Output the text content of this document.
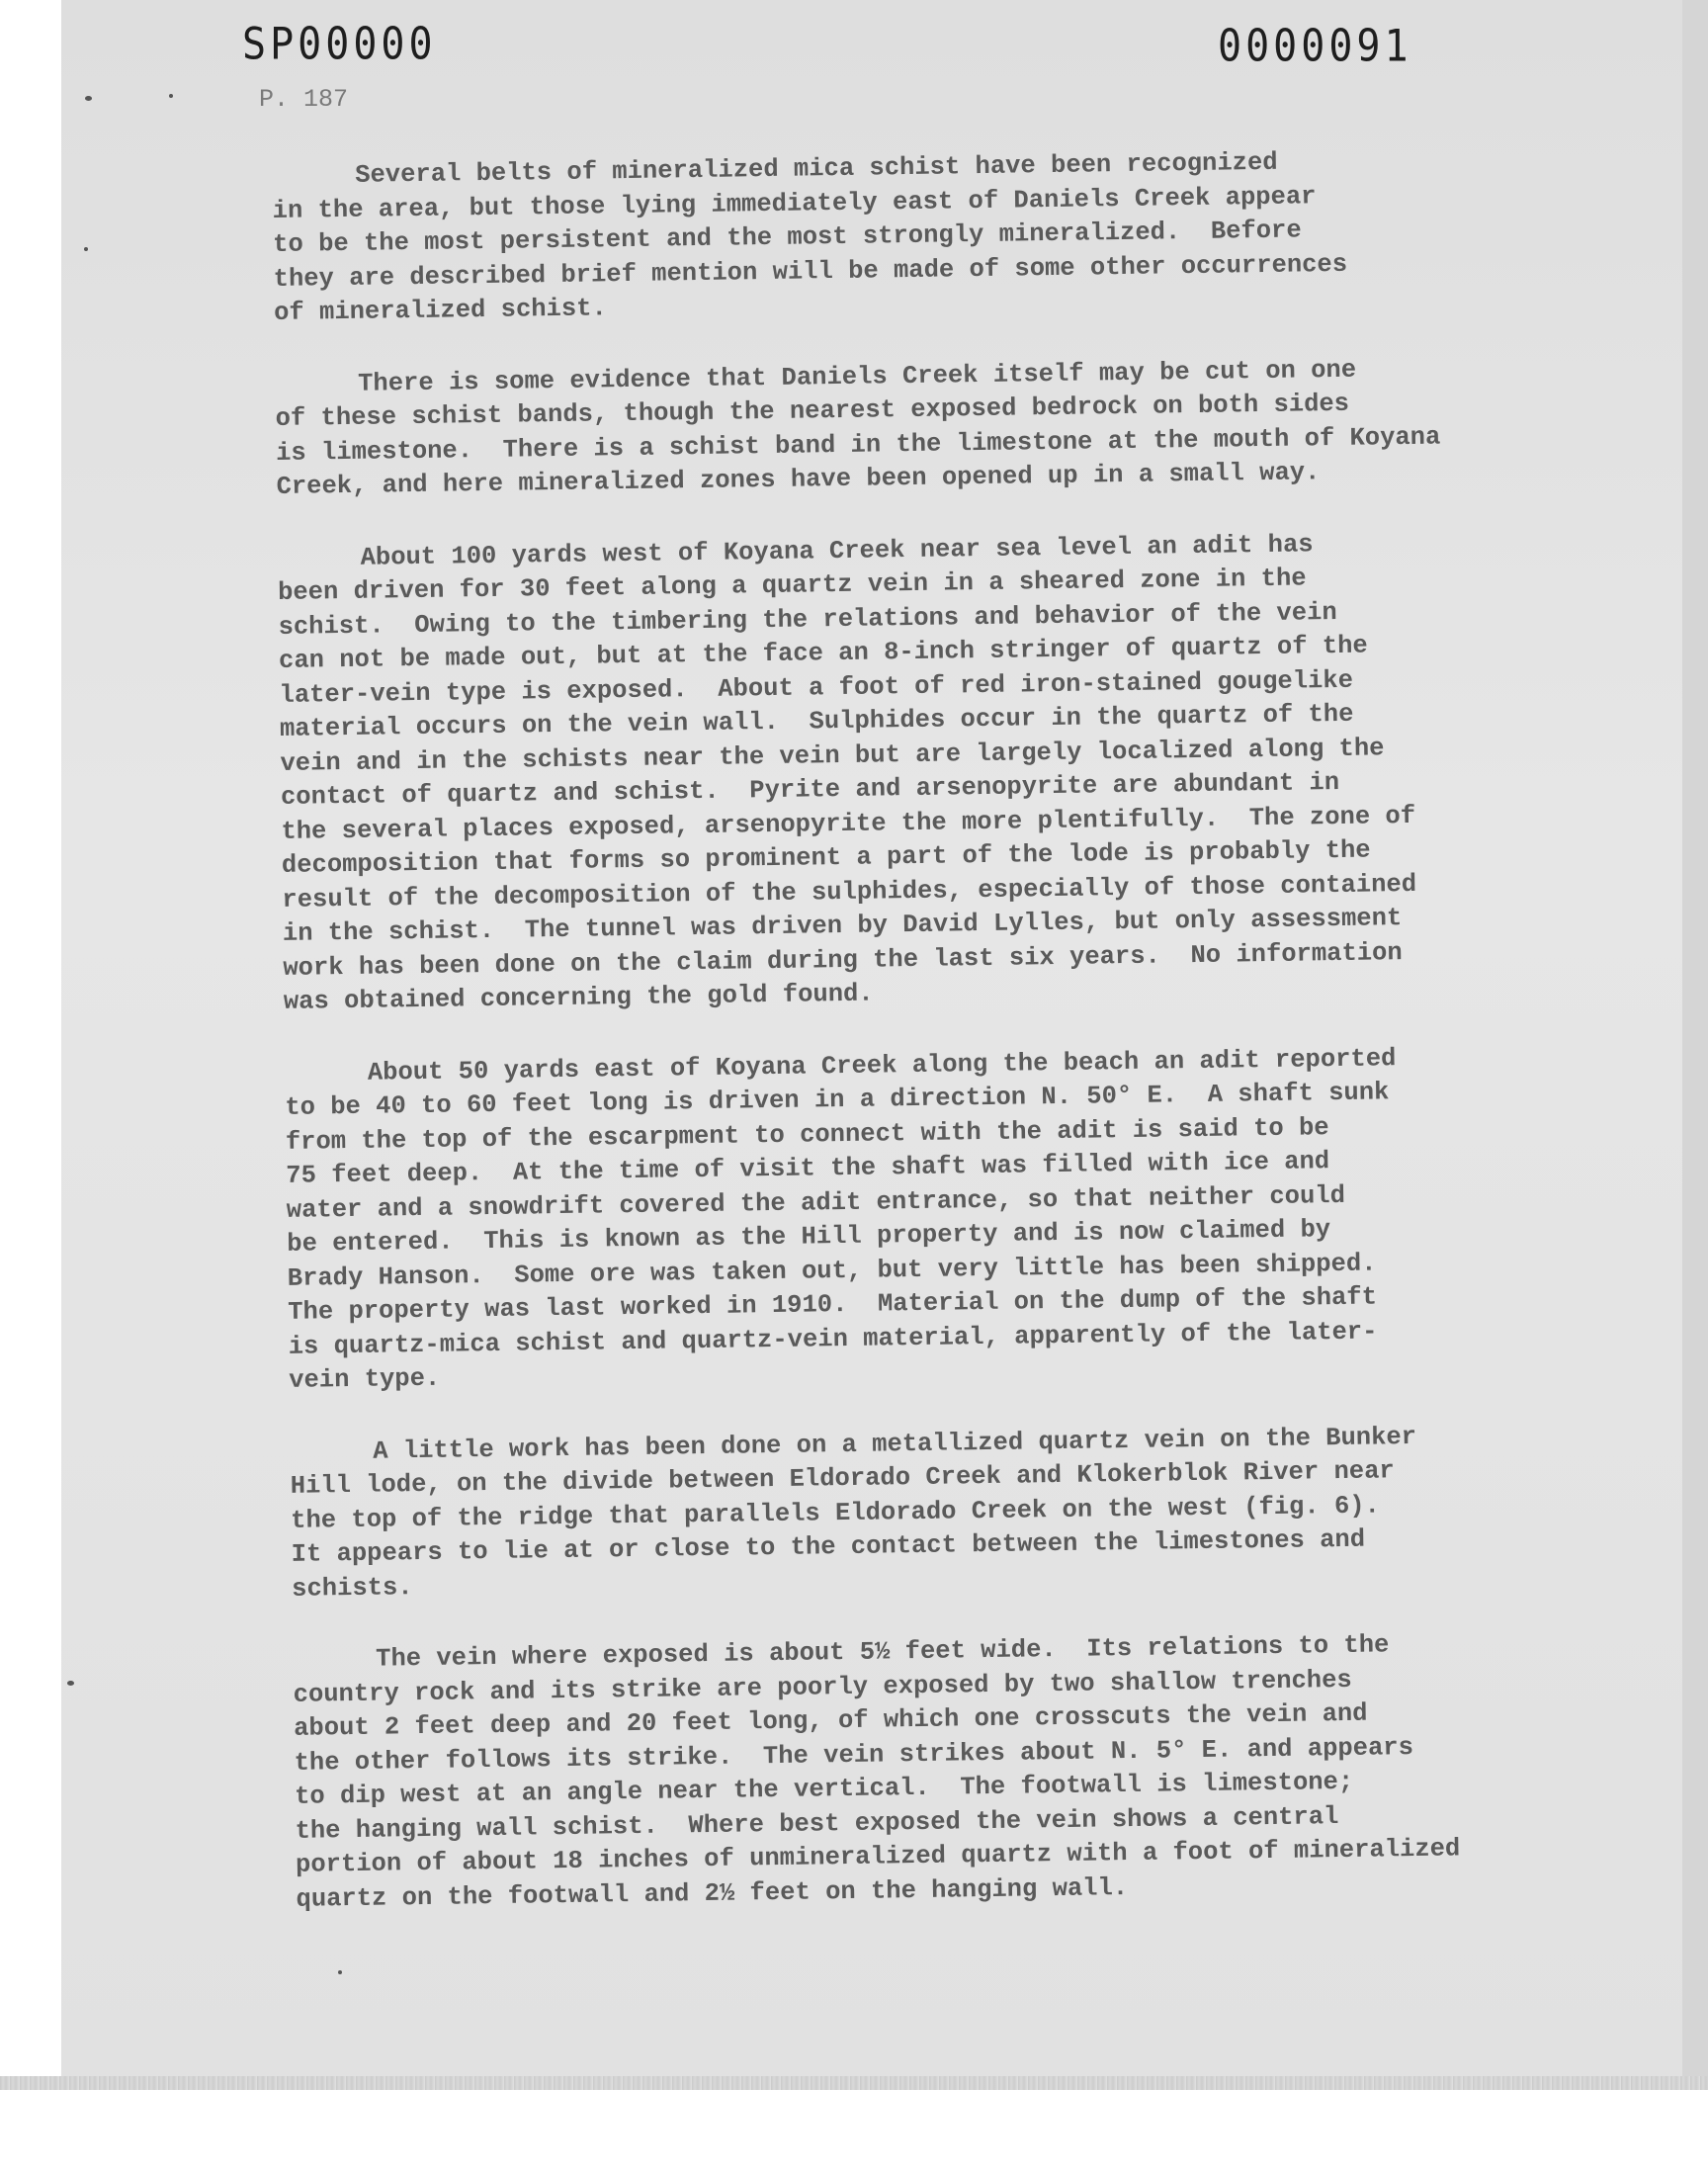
SP00000	0000091
P. 187
Several belts of mineralized mica schist have been recognized
in the area, but those lying immediately east of Daniels Creek appear
to be the most persistent and the most strongly mineralized.  Before
they are described brief mention will be made of some other occurrences
of mineralized schist.
There is some evidence that Daniels Creek itself may be cut on one
of these schist bands, though the nearest exposed bedrock on both sides
is limestone.  There is a schist band in the limestone at the mouth of Koyana
Creek, and here mineralized zones have been opened up in a small way.
About 100 yards west of Koyana Creek near sea level an adit has
been driven for 30 feet along a quartz vein in a sheared zone in the
schist.  Owing to the timbering the relations and behavior of the vein
can not be made out, but at the face an 8-inch stringer of quartz of the
later-vein type is exposed.  About a foot of red iron-stained gougelike
material occurs on the vein wall.  Sulphides occur in the quartz of the
vein and in the schists near the vein but are largely localized along the
contact of quartz and schist.  Pyrite and arsenopyrite are abundant in
the several places exposed, arsenopyrite the more plentifully.  The zone of
decomposition that forms so prominent a part of the lode is probably the
result of the decomposition of the sulphides, especially of those contained
in the schist.  The tunnel was driven by David Lylles, but only assessment
work has been done on the claim during the last six years.  No information
was obtained concerning the gold found.
About 50 yards east of Koyana Creek along the beach an adit reported
to be 40 to 60 feet long is driven in a direction N. 50° E.  A shaft sunk
from the top of the escarpment to connect with the adit is said to be
75 feet deep.  At the time of visit the shaft was filled with ice and
water and a snowdrift covered the adit entrance, so that neither could
be entered.  This is known as the Hill property and is now claimed by
Brady Hanson.  Some ore was taken out, but very little has been shipped.
The property was last worked in 1910.  Material on the dump of the shaft
is quartz-mica schist and quartz-vein material, apparently of the later-
vein type.
A little work has been done on a metallized quartz vein on the Bunker
Hill lode, on the divide between Eldorado Creek and Klokerblok River near
the top of the ridge that parallels Eldorado Creek on the west (fig. 6).
It appears to lie at or close to the contact between the limestones and
schists.
The vein where exposed is about 5½ feet wide.  Its relations to the
country rock and its strike are poorly exposed by two shallow trenches
about 2 feet deep and 20 feet long, of which one crosscuts the vein and
the other follows its strike.  The vein strikes about N. 5° E. and appears
to dip west at an angle near the vertical.  The footwall is limestone;
the hanging wall schist.  Where best exposed the vein shows a central
portion of about 18 inches of unmineralized quartz with a foot of mineralized
quartz on the footwall and 2½ feet on the hanging wall.
